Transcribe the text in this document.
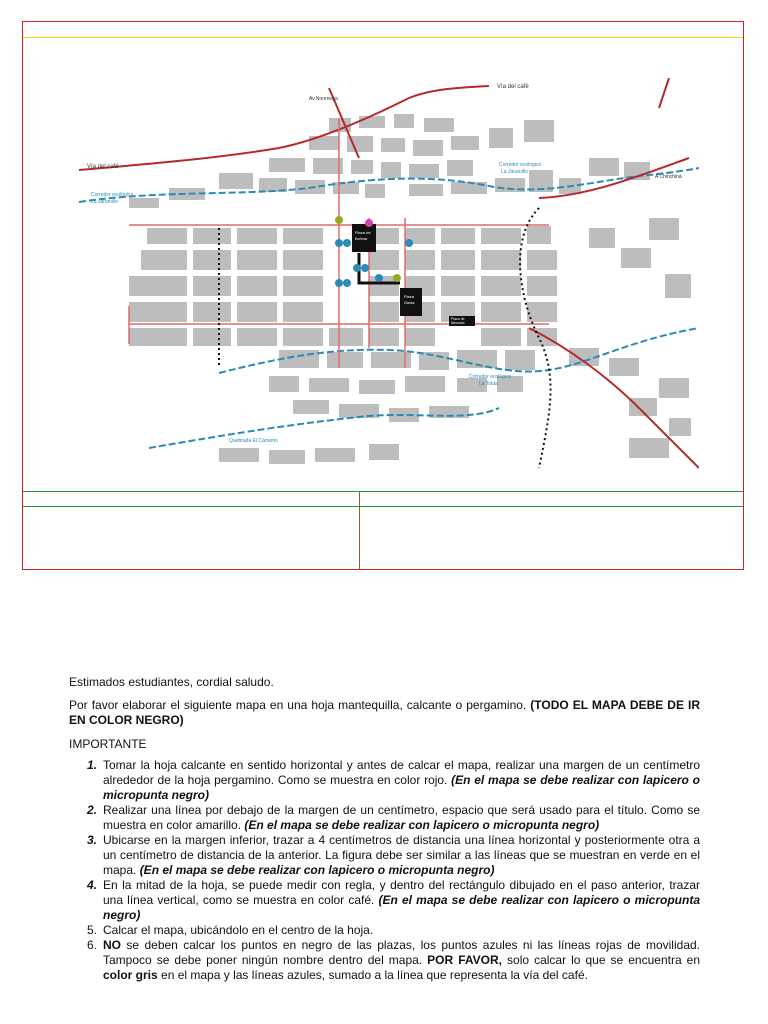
Vía del café
Vía del café
Av.Norenega
Corredor ecológico
La Jaramillo
Corredor ecológico
La Jaramillo
Corredor ecológico
La Tolda
Quebrada El Cártamo
Plaza de
Bolívar
Plaza
Santa
Plaza de
Mercado
A Chinchiná

Estimados estudiantes, cordial saludo.

Por favor elaborar el siguiente mapa en una hoja mantequilla, calcante o pergamino. (TODO EL MAPA DEBE DE IR EN COLOR NEGRO)

IMPORTANTE

1. Tomar la hoja calcante en sentido horizontal y antes de calcar el mapa, realizar una margen de un centímetro alrededor de la hoja pergamino. Como se muestra en color rojo. (En el mapa se debe realizar con lapicero o micropunta negro)
2. Realizar una línea por debajo de la margen de un centímetro, espacio que será usado para el título. Como se muestra en color amarillo. (En el mapa se debe realizar con lapicero o micropunta negro)
3. Ubicarse en la margen inferior, trazar a 4 centímetros de distancia una línea horizontal y posteriormente otra a un centímetro de distancia de la anterior. La figura debe ser similar a las líneas que se muestran en verde en el mapa. (En el mapa se debe realizar con lapicero o micropunta negro)
4. En la mitad de la hoja, se puede medir con regla, y dentro del rectángulo dibujado en el paso anterior, trazar una línea vertical, como se muestra en color café. (En el mapa se debe realizar con lapicero o micropunta negro)
5. Calcar el mapa, ubicándolo en el centro de la hoja.
6. NO se deben calcar los puntos en negro de las plazas, los puntos azules ni las líneas rojas de movilidad. Tampoco se debe poner ningún nombre dentro del mapa. POR FAVOR, solo calcar lo que se encuentra en color gris en el mapa y las líneas azules, sumado a la línea que representa la vía del café.
